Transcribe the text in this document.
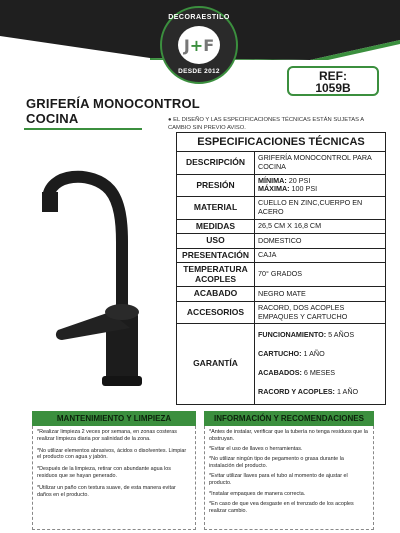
DECORAESTILO
J+F
DESDE 2012	REF:
1059B
GRIFERÍA MONOCONTROL
COCINA	● EL DISEÑO Y LAS ESPECIFICACIONES TÉCNICAS ESTÁN SUJETAS A CAMBIO SIN PREVIO AVISO.
ESPECIFICACIONES TÉCNICAS
DESCRIPCIÓN	GRIFERÍA MONOCONTROL PARA COCINA
PRESIÓN	MÍNIMA: 20 PSI
MÁXIMA: 100 PSI
MATERIAL	CUELLO EN ZINC,CUERPO EN ACERO
MEDIDAS	26,5 CM X 16,8 CM
USO	DOMESTICO
PRESENTACIÓN	CAJA
TEMPERATURA ACOPLES	70° GRADOS
ACABADO	NEGRO MATE
ACCESORIOS	RACORD, DOS ACOPLES EMPAQUES Y CARTUCHO
GARANTÍA
FUNCIONAMIENTO: 5 AÑOS
CARTUCHO: 1 AÑO
ACABADOS: 6 MESES
RACORD Y ACOPLES: 1 AÑO
MANTENIMIENTO Y LIMPIEZA

*Realizar limpieza 2 veces por semana, en zonas costeras realizar limpieza diaria por salinidad de la zona.

*No utilizar elementos abrasivos, ácidos o disolventes. Limpiar el producto con agua y jabón.

*Después de la limpieza, retirar con abundante agua los residuos que se hayan generado.

*Utilizar un paño con textura suave, de esta manera evitar daños en el producto.

INFORMACIÓN Y RECOMENDACIONES

*Antes de instalar, verificar que la tubería no tenga residuos que la obstruyan.

*Evitar el uso de llaves o herramientas.

*No utilizar ningún tipo de pegamento o grasa durante la instalación del producto.

*Evitar utilizar llaves para el tubo al momento de ajustar el producto.

*Instalar empaques de manera correcta.

*En caso de que vea desgaste en el trenzado de los acoples realizar cambio.
